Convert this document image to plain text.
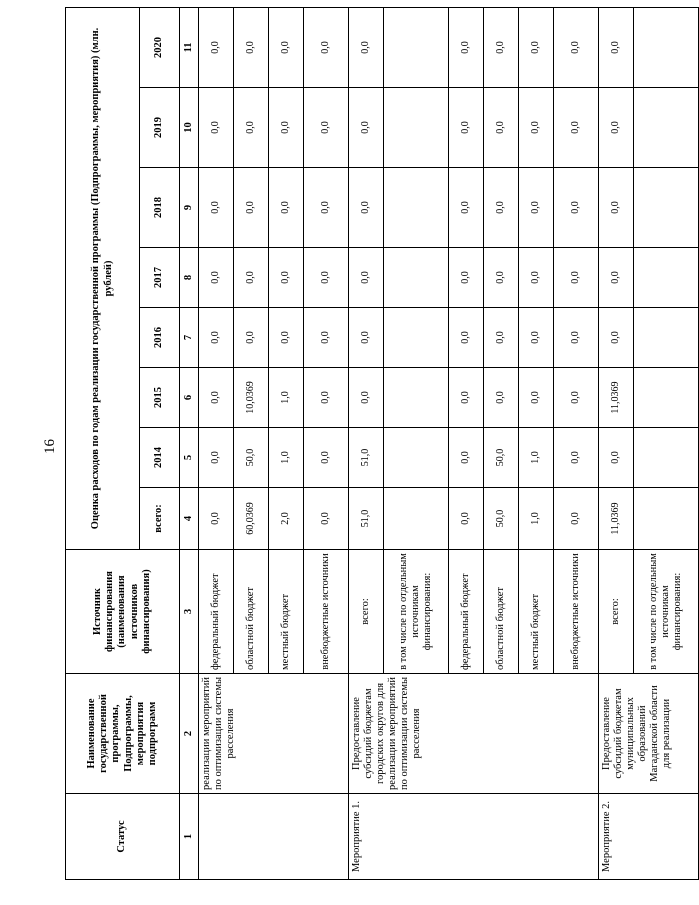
16
Статус	Наименование государственной программы, Подпрограммы, мероприятия подпрограмм	Источник финансирования (наименования источников финансирования)	Оценка расходов по годам реализации государственной программы (Подпрограммы, мероприятия) (млн. рублей)							
			всего:	2014	2015	2016	2017	2018	2019	2020
1	2	3	4	5	6	7	8	9	10	11
	реализации мероприятий по оптимизации системы расселения	федеральный бюджет	0,0	0,0	0,0	0,0	0,0	0,0	0,0	0,0
		областной бюджет	60,0369	50,0	10,0369	0,0	0,0	0,0	0,0	0,0
		местный бюджет	2,0	1,0	1,0	0,0	0,0	0,0	0,0	0,0
		внебюджетные источники	0,0	0,0	0,0	0,0	0,0	0,0	0,0	0,0
Мероприятие 1.	Предоставление субсидий бюджетам городских округов для реализации мероприятий по оптимизации системы расселения	всего:	51,0	51,0	0,0	0,0	0,0	0,0	0,0	0,0
		в том числе по отдельным источникам финансирования:								
		федеральный бюджет	0,0	0,0	0,0	0,0	0,0	0,0	0,0	0,0
		областной бюджет	50,0	50,0	0,0	0,0	0,0	0,0	0,0	0,0
		местный бюджет	1,0	1,0	0,0	0,0	0,0	0,0	0,0	0,0
		внебюджетные источники	0,0	0,0	0,0	0,0	0,0	0,0	0,0	0,0
Мероприятие 2.	Предоставление субсидий бюджетам муниципальных образований Магаданской области для реализации	всего:	11,0369	0,0	11,0369	0,0	0,0	0,0	0,0	0,0
		в том числе по отдельным источникам финансирования:								
